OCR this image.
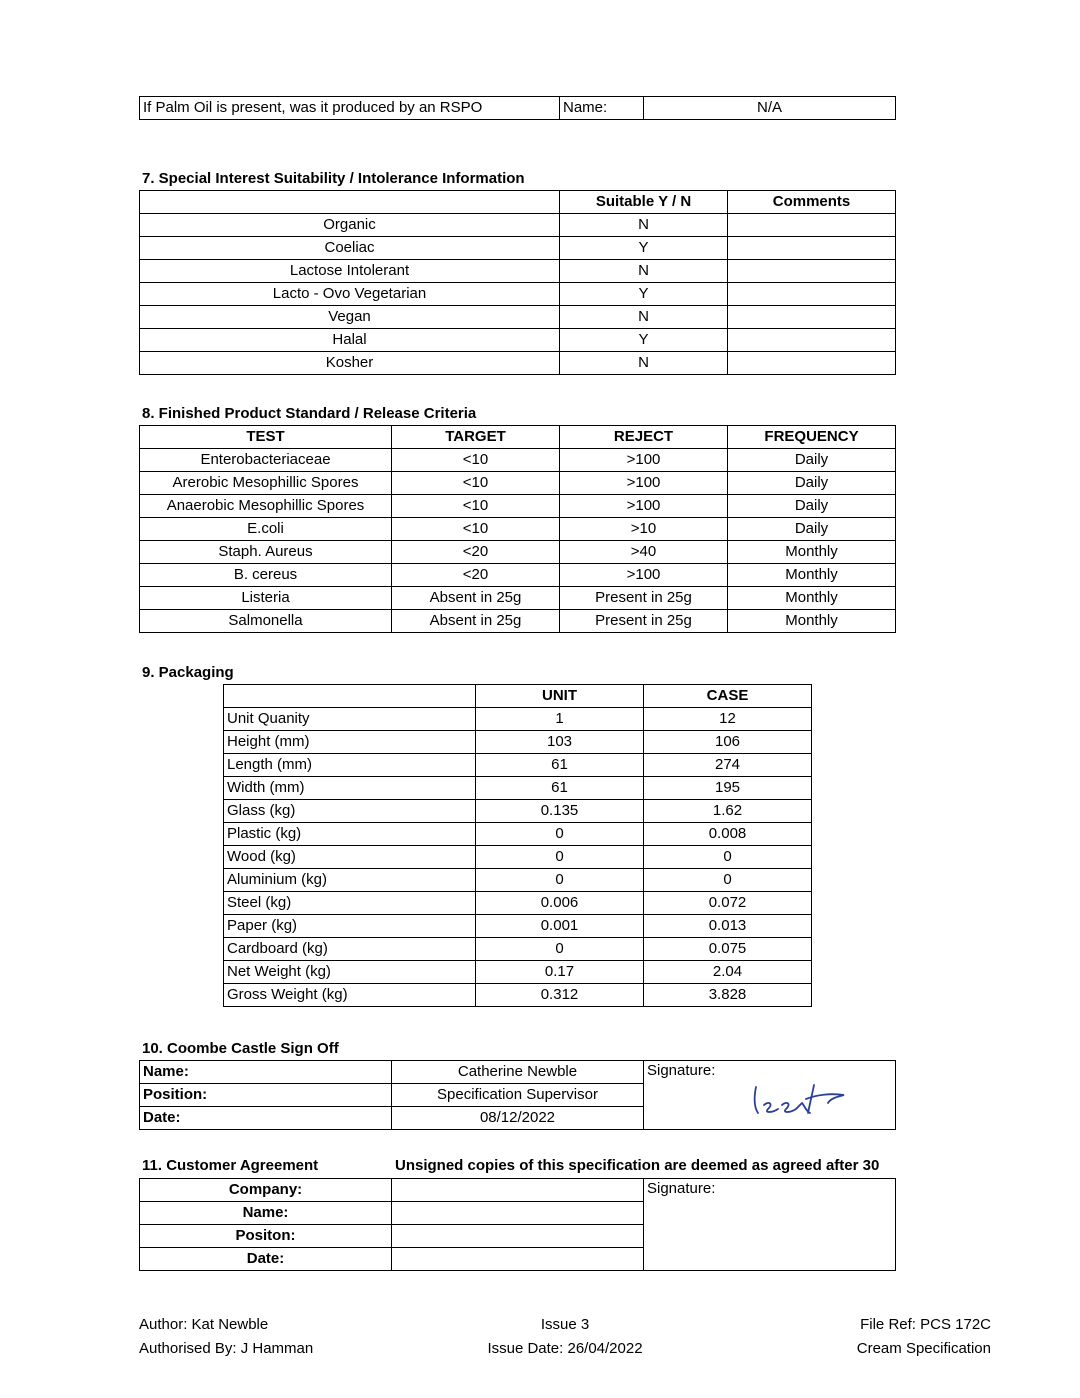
If Palm Oil is present, was it produced by an RSPO	Name:	N/A
7. Special Interest Suitability / Intolerance Information
	Suitable Y / N	Comments
Organic	N	
Coeliac	Y	
Lactose Intolerant	N	
Lacto - Ovo Vegetarian	Y	
Vegan	N	
Halal	Y	
Kosher	N	
8. Finished Product Standard / Release Criteria
TEST	TARGET	REJECT	FREQUENCY
Enterobacteriaceae	<10	>100	Daily
Arerobic Mesophillic Spores	<10	>100	Daily
Anaerobic Mesophillic Spores	<10	>100	Daily
E.coli	<10	>10	Daily
Staph. Aureus	<20	>40	Monthly
B. cereus	<20	>100	Monthly
Listeria	Absent in 25g	Present in 25g	Monthly
Salmonella	Absent in 25g	Present in 25g	Monthly
9. Packaging
	UNIT	CASE
Unit Quanity	1	12
Height (mm)	103	106
Length (mm)	61	274
Width (mm)	61	195
Glass (kg)	0.135	1.62
Plastic (kg)	0	0.008
Wood (kg)	0	0
Aluminium (kg)	0	0
Steel (kg)	0.006	0.072
Paper (kg)	0.001	0.013
Cardboard (kg)	0	0.075
Net Weight (kg)	0.17	2.04
Gross Weight (kg)	0.312	3.828
10. Coombe Castle Sign Off
Name:	Catherine Newble	Signature:

Position:	Specification Supervisor	
Date:	08/12/2022	
11. Customer Agreement	Unsigned copies of this specification are deemed as agreed after 30
Company:		Signature:
Name:		
Positon:		
Date:		
Author: Kat Newble
Authorised By: J Hamman
Issue 3
Issue Date: 26/04/2022
File Ref: PCS 172C
Cream Specification
